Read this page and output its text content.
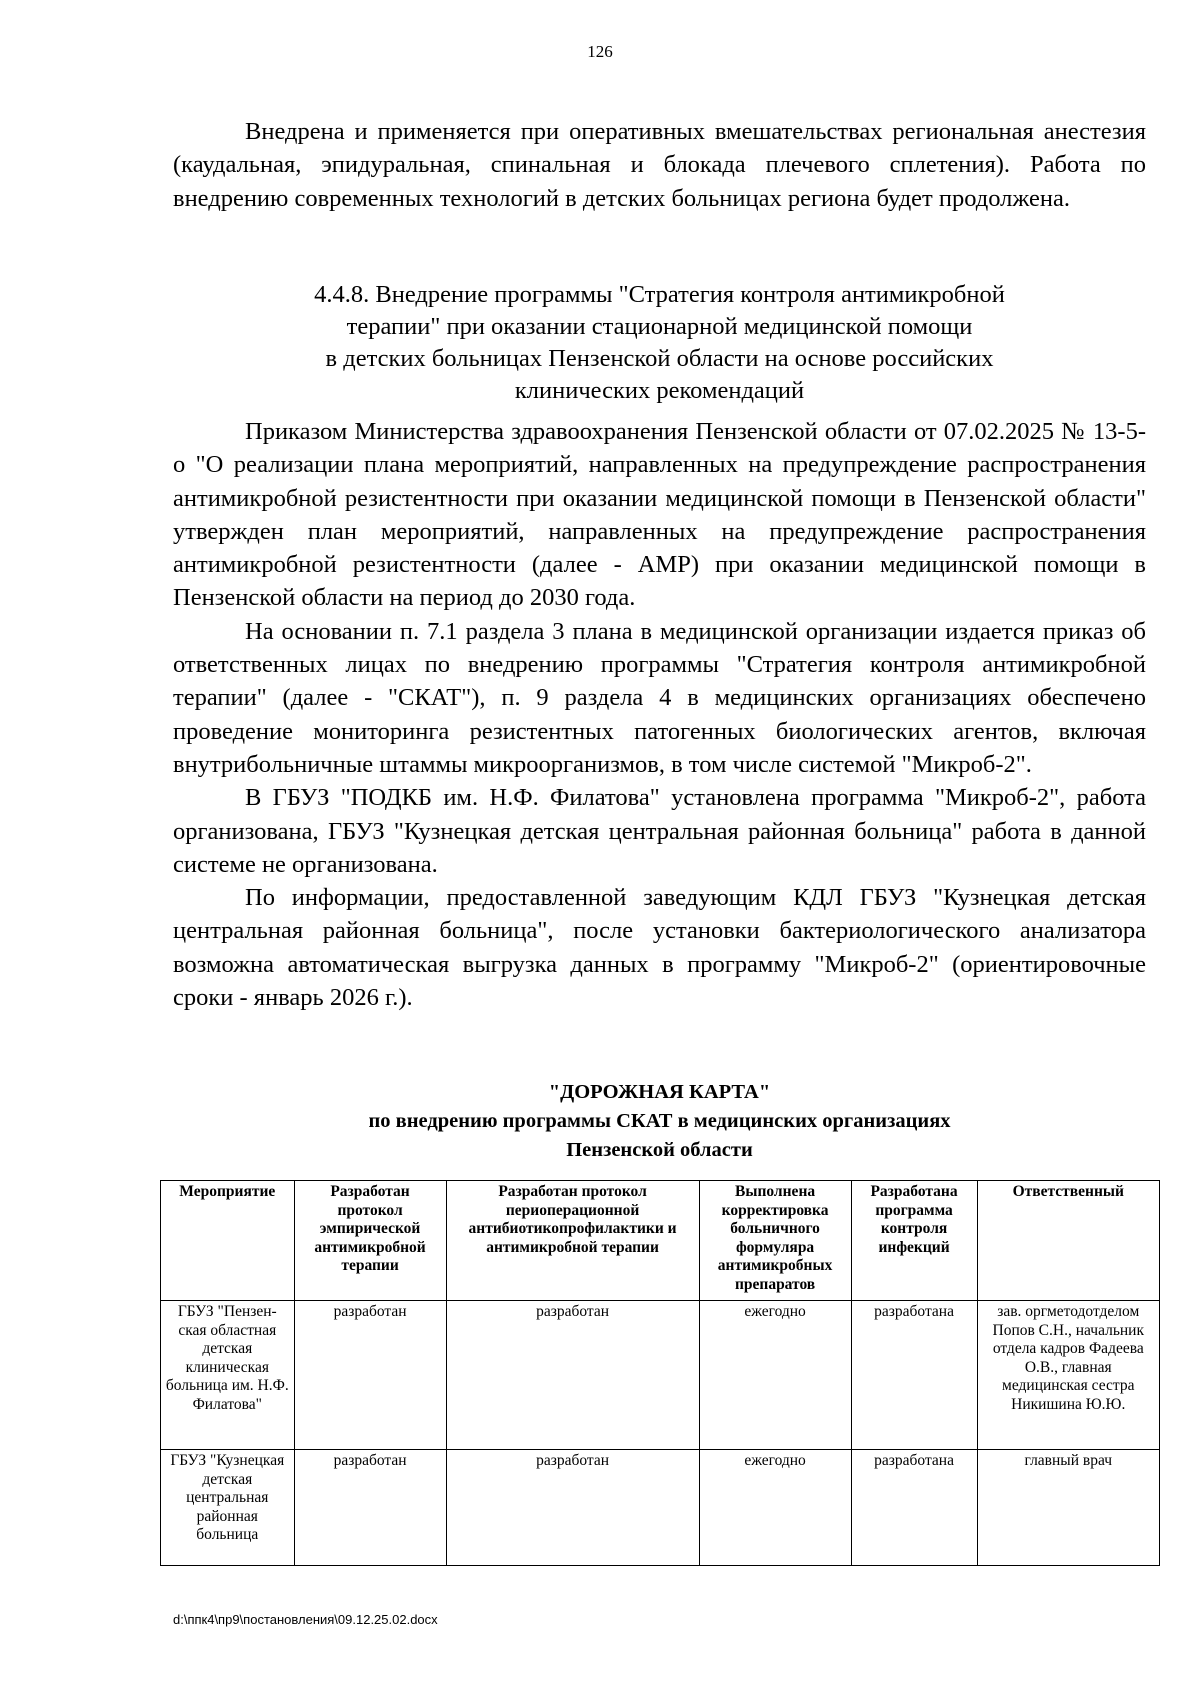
126

Внедрена и применяется при оперативных вмешательствах региональная анестезия (каудальная, эпидуральная, спинальная и блокада плечевого сплетения). Работа по внедрению современных технологий в детских больницах региона будет продолжена.

4.4.8. Внедрение программы "Стратегия контроля антимикробной
терапии" при оказании стационарной медицинской помощи
в детских больницах Пензенской области на основе российских
клинических рекомендаций

Приказом Министерства здравоохранения Пензенской области от 07.02.2025 № 13-5-о "О реализации плана мероприятий, направленных на предупреждение распространения антимикробной резистентности при оказании медицинской помощи в Пензенской области" утвержден план мероприятий, направленных на предупреждение распространения антимикробной резистентности (далее - АМР) при оказании медицинской помощи в Пензенской области на период до 2030 года.

На основании п. 7.1 раздела 3 плана в медицинской организации издается приказ об ответственных лицах по внедрению программы "Стратегия контроля антимикробной терапии" (далее - "СКАТ"), п. 9 раздела 4 в медицинских организациях обеспечено проведение мониторинга резистентных патогенных биологических агентов, включая внутрибольничные штаммы микроорганизмов, в том числе системой "Микроб-2".

В ГБУЗ "ПОДКБ им. Н.Ф. Филатова" установлена программа "Микроб-2", работа организована, ГБУЗ "Кузнецкая детская центральная районная больница" работа в данной системе не организована.

По информации, предоставленной заведующим КДЛ ГБУЗ "Кузнецкая детская центральная районная больница", после установки бактериологического анализатора возможна автоматическая выгрузка данных в программу "Микроб-2" (ориентировочные сроки - январь 2026 г.).

"ДОРОЖНАЯ КАРТА"
по внедрению программы СКАТ в медицинских организациях
Пензенской области
Мероприятие	Разработан протокол эмпирической антимикробной терапии	Разработан протокол периоперационной антибиотикопрофилактики и антимикробной терапии	Выполнена корректировка больничного формуляра антимикробных препаратов	Разработана программа контроля инфекций	Ответственный
ГБУЗ "Пензен-ская областная детская клиническая больница им. Н.Ф. Филатова"	разработан	разработан	ежегодно	разработана	зав. оргметодотделом Попов С.Н., начальник отдела кадров Фадеева О.В., главная медицинская сестра Никишина Ю.Ю.
ГБУЗ "Кузнецкая детская центральная районная больница	разработан	разработан	ежегодно	разработана	главный врач
d:\ппк4\пр9\постановления\09.12.25.02.docx
